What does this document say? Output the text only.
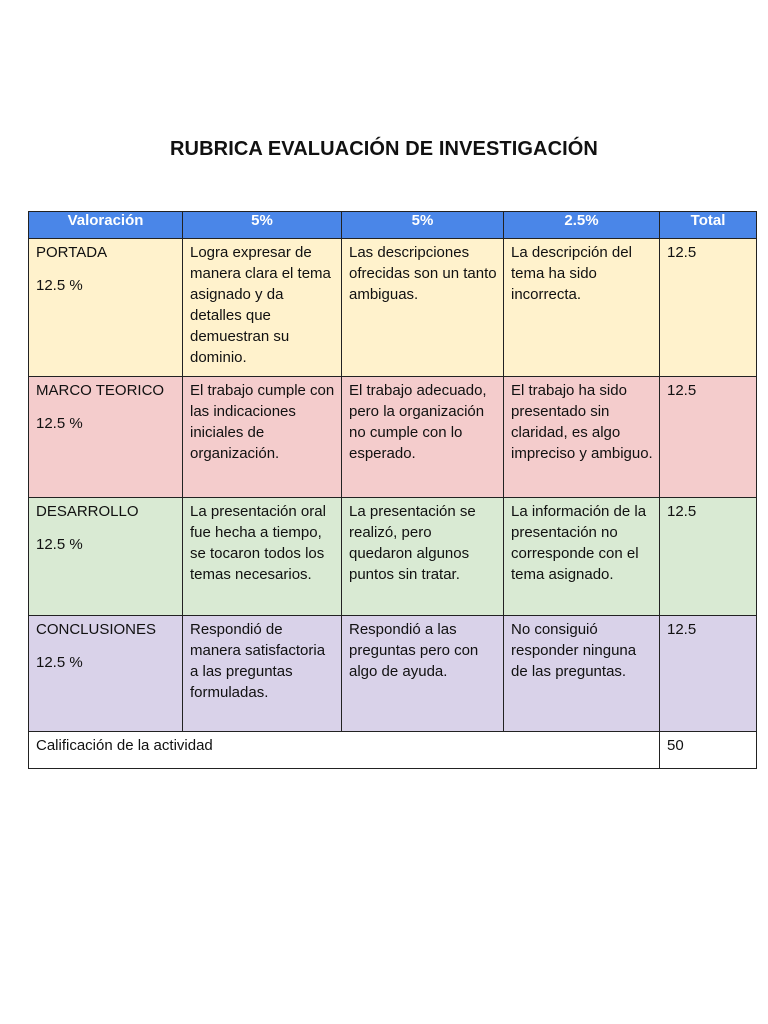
RUBRICA EVALUACIÓN DE INVESTIGACIÓN
Valoración	5%	5%	2.5%	Total

PORTADA
12.5 %	Logra expresar de manera clara el tema asignado y da detalles que demuestran su dominio.	Las descripciones ofrecidas son un tanto ambiguas.	La descripción del tema ha sido incorrecta.	12.5

MARCO TEORICO
12.5 %	El trabajo cumple con las indicaciones iniciales de organización.	El trabajo adecuado, pero la organización no cumple con lo esperado.	El trabajo ha sido presentado sin claridad, es algo impreciso y ambiguo.	12.5

DESARROLLO
12.5 %	La presentación oral fue hecha a tiempo, se tocaron todos los temas necesarios.	La presentación se realizó, pero quedaron algunos puntos sin tratar.	La información de la presentación no corresponde con el tema asignado.	12.5

CONCLUSIONES
12.5 %	Respondió de manera satisfactoria a las preguntas formuladas.	Respondió a las preguntas pero con algo de ayuda.	No consiguió responder ninguna de las preguntas.	12.5
Calificación de la actividad				50
